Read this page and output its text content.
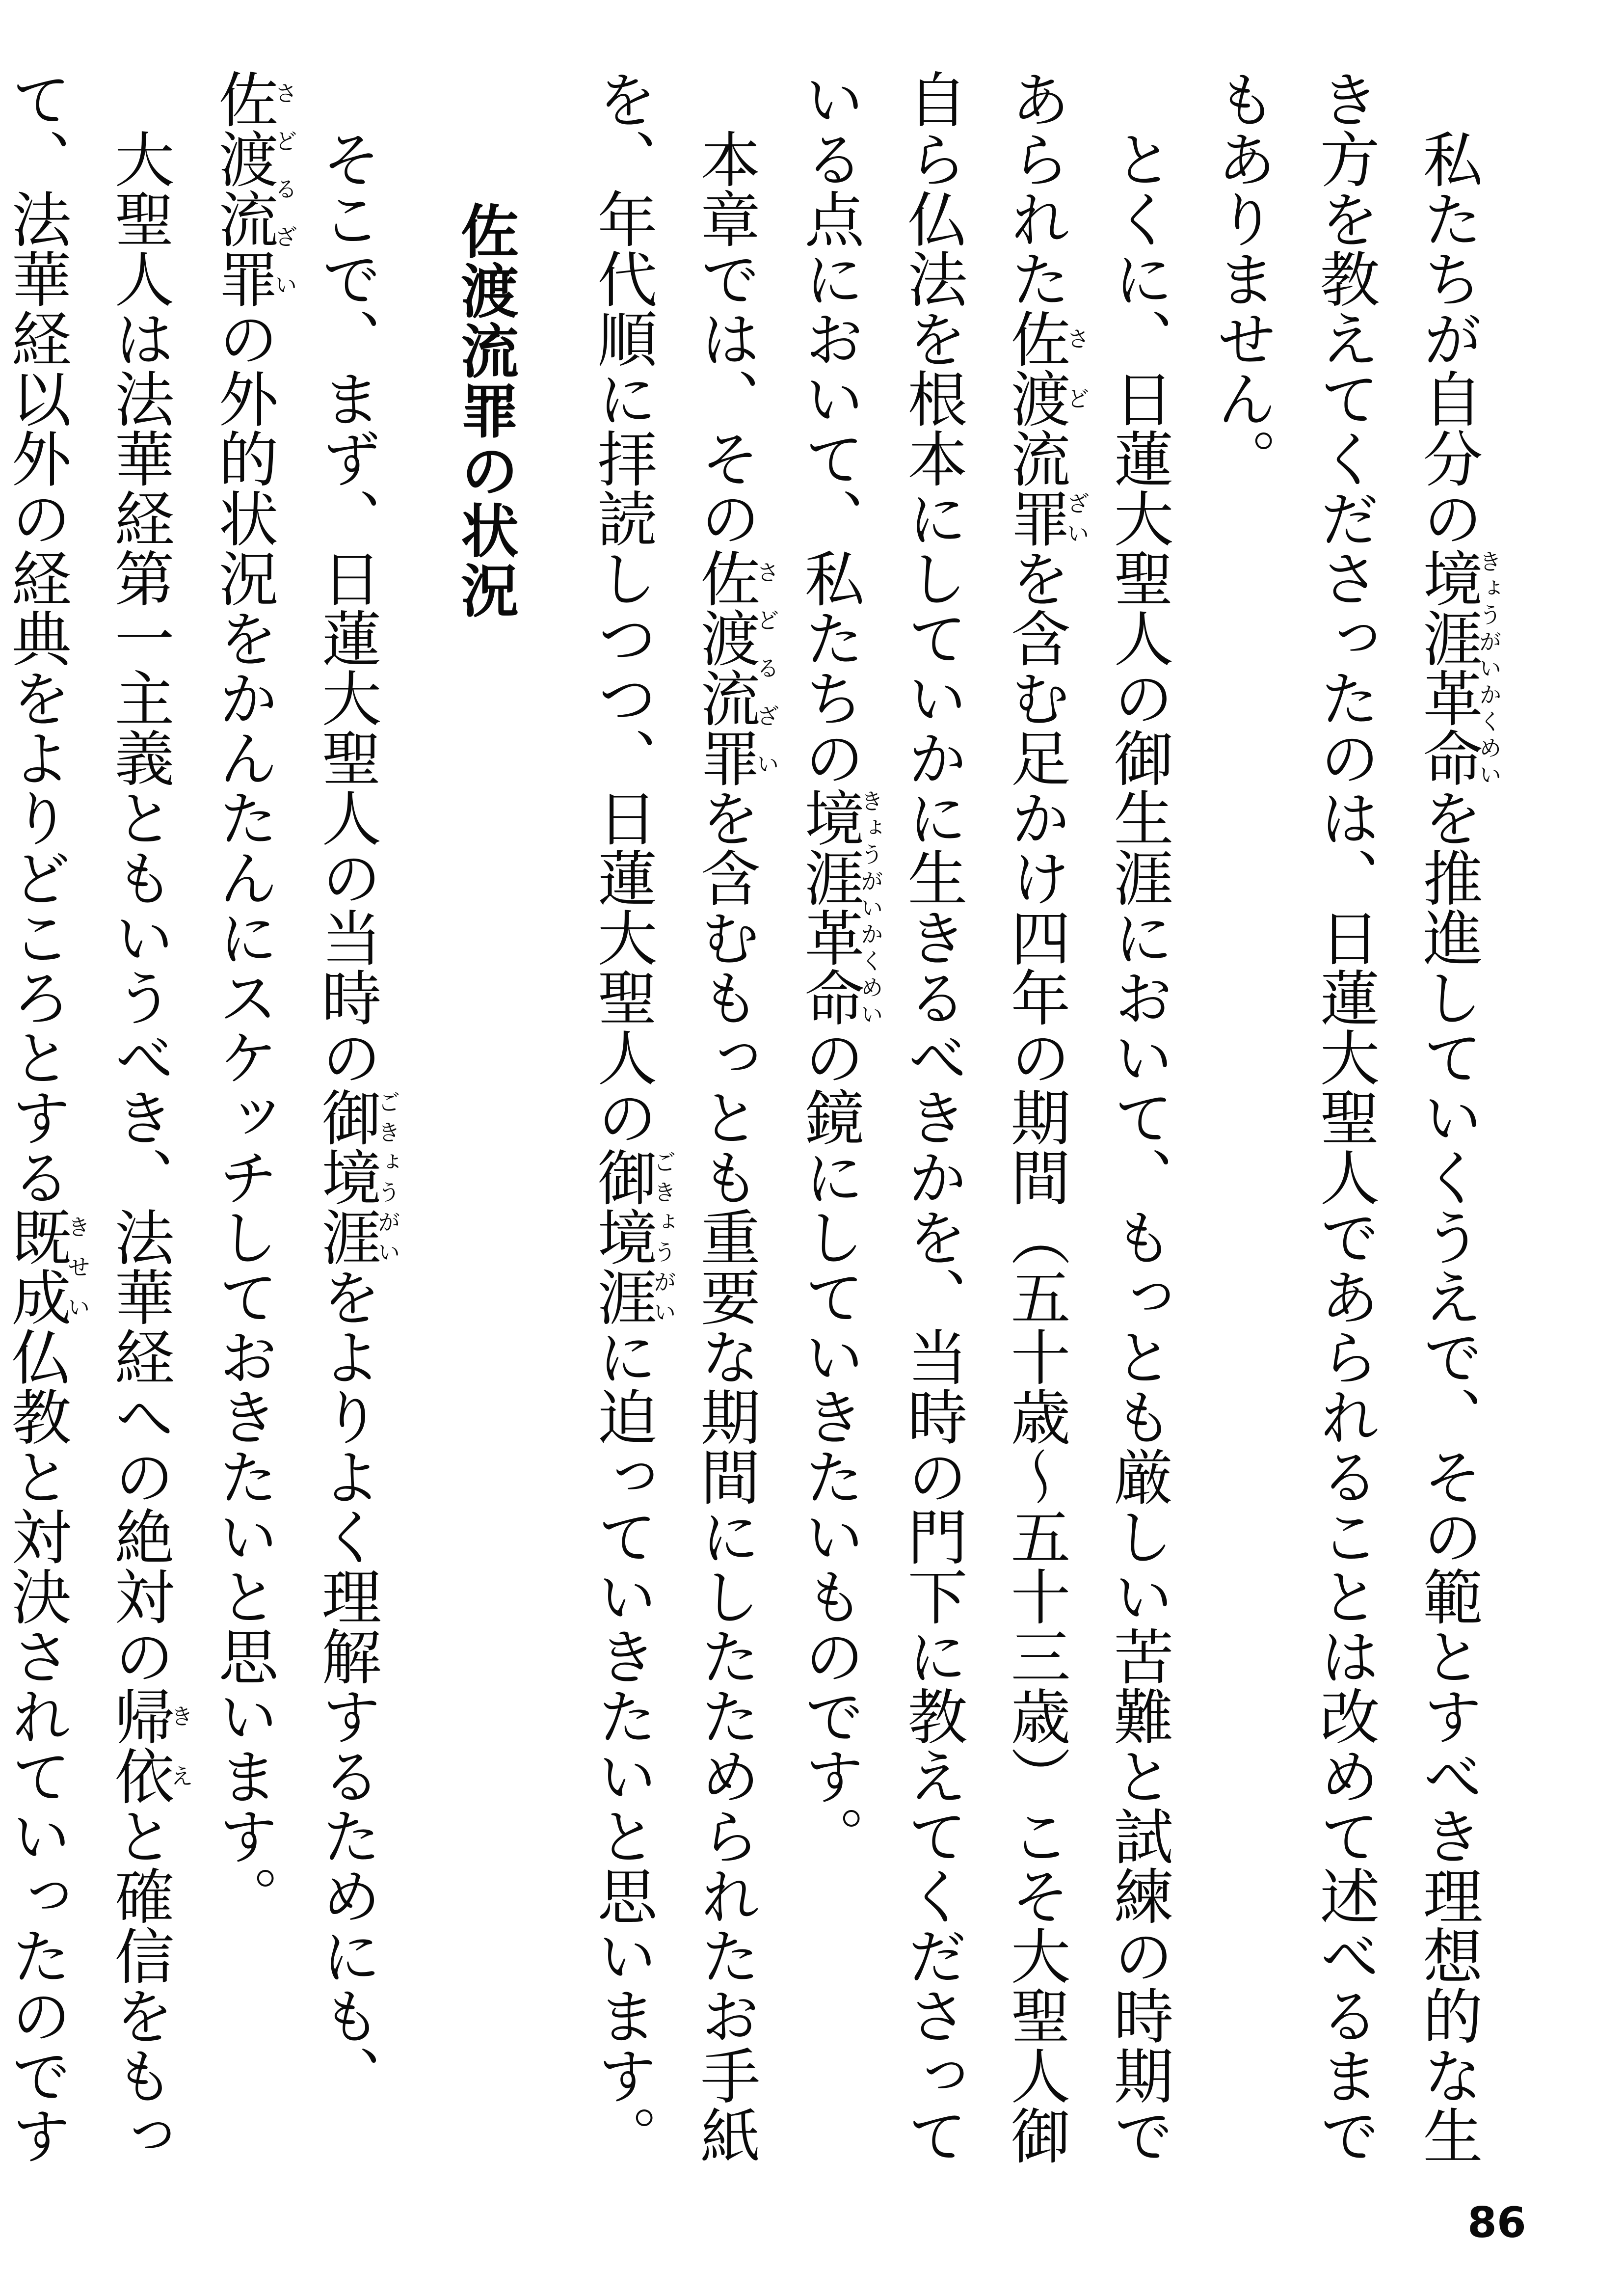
私たちが自分の境涯革命きょうがいかくめいを推進していくうえで、その範とすべき理想的な生き方を教えてくださったのは、日蓮大聖人であられることは改めて述べるまでもありません。

とくに、日蓮大聖人の御生涯において、もっとも厳しい苦難と試練の時期であられた佐渡さど流罪ざいを含む足かけ四年の期間（五十歳〜五十三歳）こそ大聖人御自ら仏法を根本にしていかに生きるべきかを、当時の門下に教えてくださっている点において、私たちの境涯革命きょうがいかくめいの鏡にしていきたいものです。

本章では、その佐渡流罪さどるざいを含むもっとも重要な期間にしたためられたお手紙を、年代順に拝読しつつ、日蓮大聖人の御境涯ごきょうがいに迫っていきたいと思います。

佐渡流罪の状況

そこで、まず、日蓮大聖人の当時の御境涯ごきょうがいをよりよく理解するためにも、佐渡流罪さどるざいの外的状況をかんたんにスケッチしておきたいと思います。

大聖人は法華経第一主義ともいうべき、法華経への絶対の帰依きえと確信をもって、法華経以外の経典をよりどころとする既成きせい仏教と対決されていったのです

86
